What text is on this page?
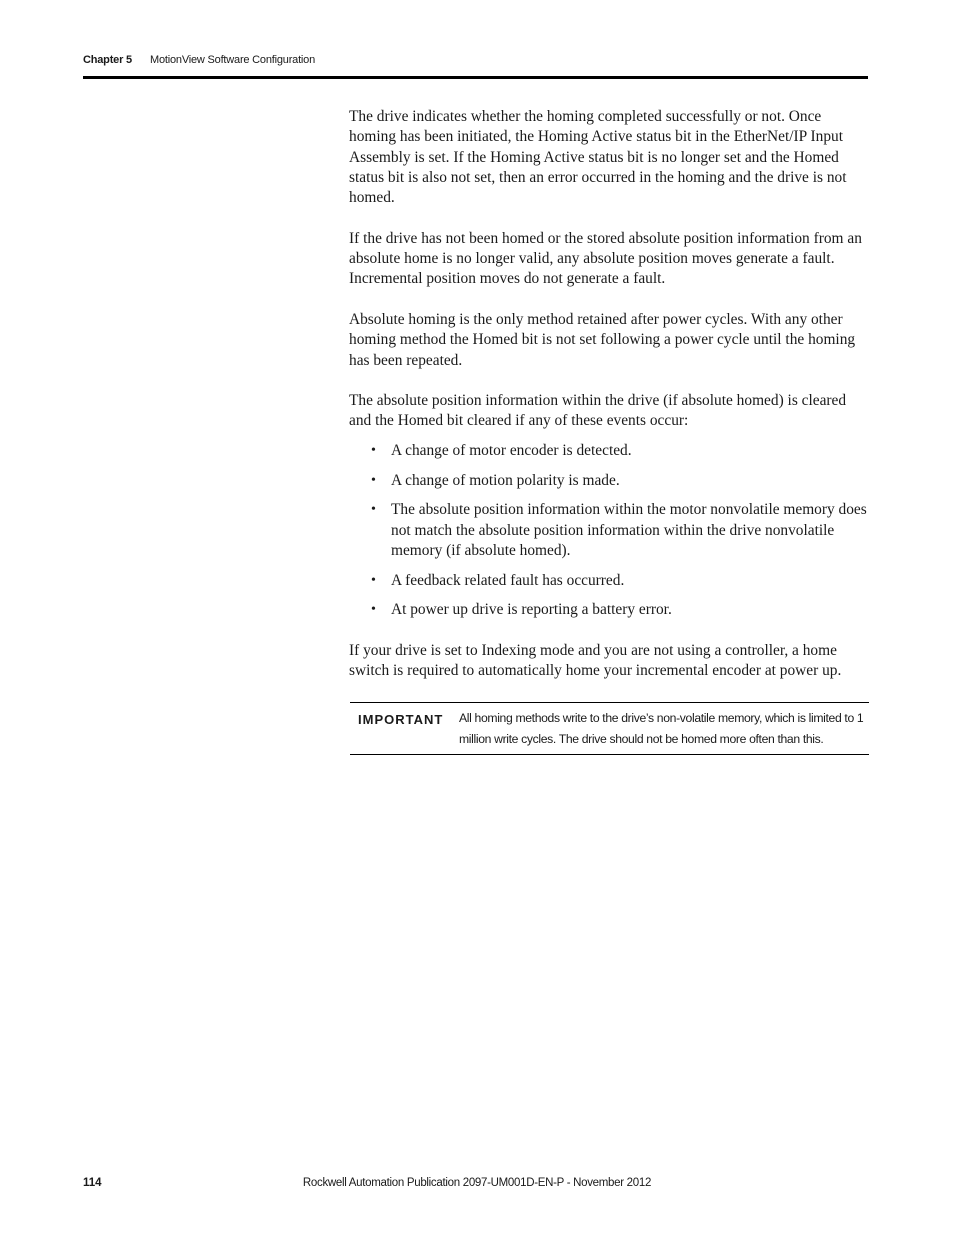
Chapter 5 MotionView Software Configuration

The drive indicates whether the homing completed successfully or not. Once homing has been initiated, the Homing Active status bit in the EtherNet/IP Input Assembly is set. If the Homing Active status bit is no longer set and the Homed status bit is also not set, then an error occurred in the homing and the drive is not homed.

If the drive has not been homed or the stored absolute position information from an absolute home is no longer valid, any absolute position moves generate a fault. Incremental position moves do not generate a fault.

Absolute homing is the only method retained after power cycles. With any other homing method the Homed bit is not set following a power cycle until the homing has been repeated.

The absolute position information within the drive (if absolute homed) is cleared and the Homed bit cleared if any of these events occur:

• A change of motor encoder is detected.
• A change of motion polarity is made.
• The absolute position information within the motor nonvolatile memory does not match the absolute position information within the drive nonvolatile memory (if absolute homed).
• A feedback related fault has occurred.
• At power up drive is reporting a battery error.

If your drive is set to Indexing mode and you are not using a controller, a home switch is required to automatically home your incremental encoder at power up.

IMPORTANT All homing methods write to the drive’s non-volatile memory, which is limited to 1 million write cycles. The drive should not be homed more often than this.
114	Rockwell Automation Publication 2097-UM001D-EN-P - November 2012
